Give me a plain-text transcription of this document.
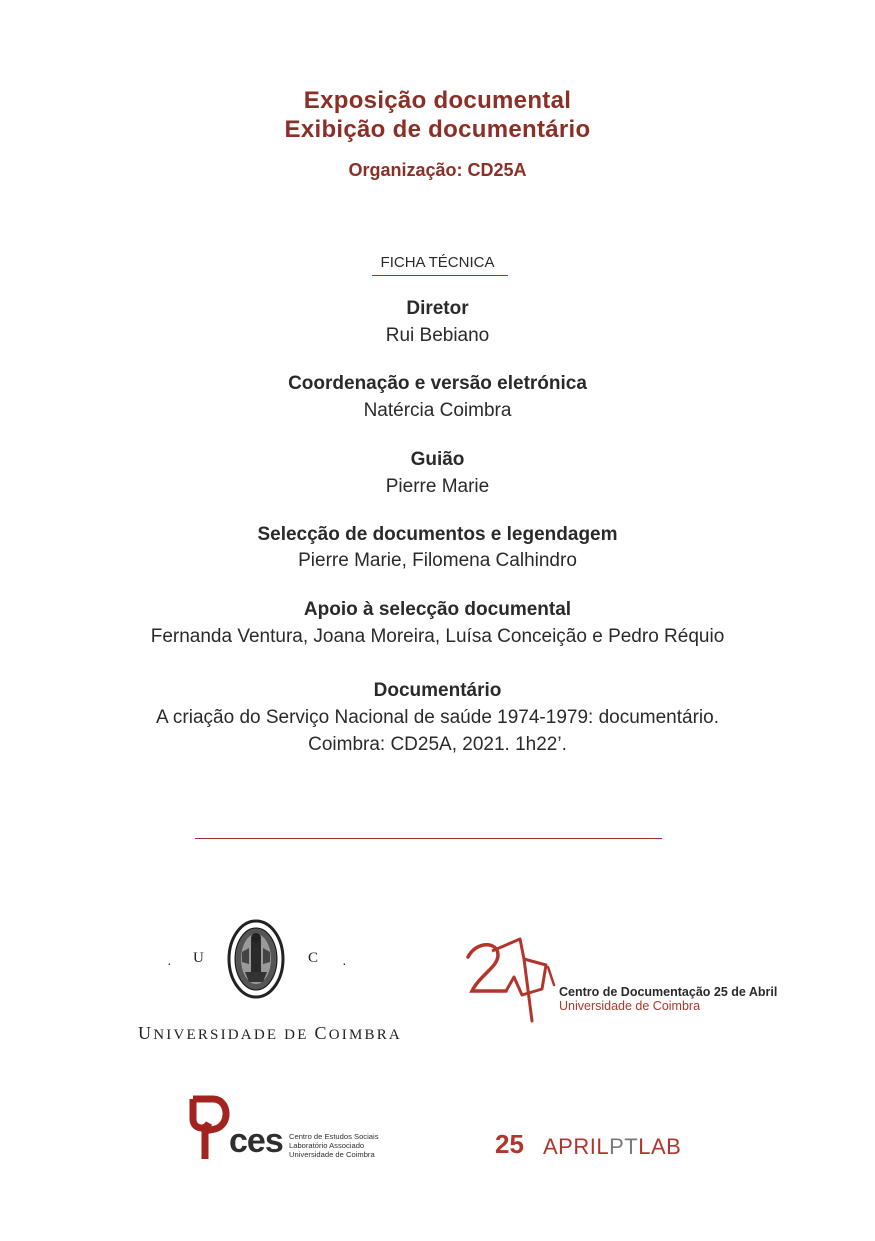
Exposição documental
Exibição de documentário
Organização: CD25A
FICHA TÉCNICA
Diretor
Rui Bebiano
Coordenação e versão eletrónica
Natércia Coimbra
Guião
Pierre Marie
Selecção de documentos e legendagem
Pierre Marie, Filomena Calhindro
Apoio à selecção documental
Fernanda Ventura, Joana Moreira, Luísa Conceição e Pedro Réquio
Documentário
A criação do Serviço Nacional de saúde 1974-1979: documentário.
Coimbra: CD25A, 2021. 1h22’.
· U	C ·
UNIVERSIDADE DE COIMBRA
Centro de Documentação 25 de Abril
Universidade de Coimbra
ces Centro de Estudos Sociais
Laboratório Associado
Universidade de Coimbra	25 APRILPTLAB
